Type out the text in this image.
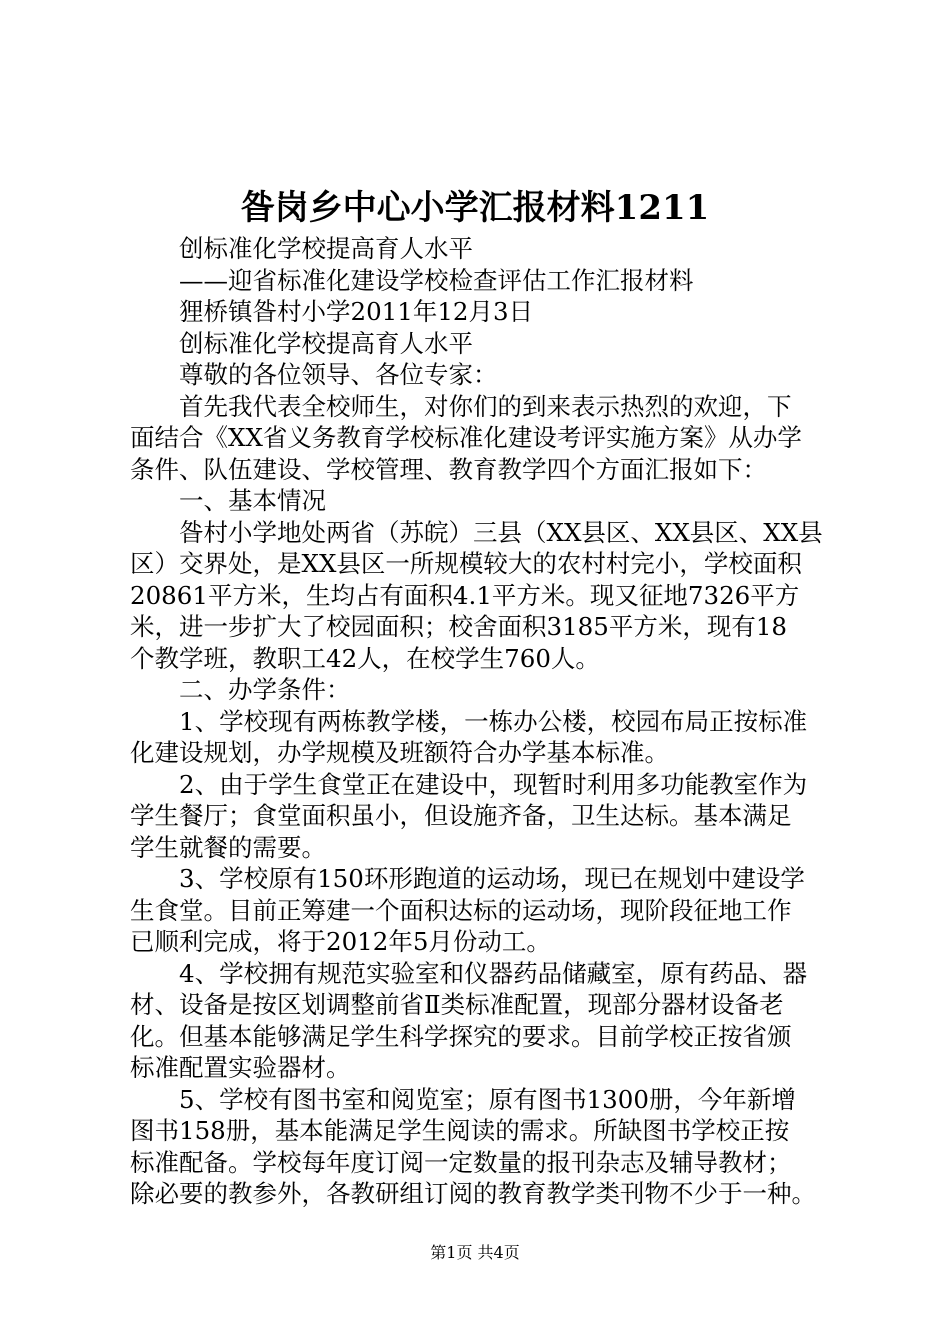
昝岗乡中心小学汇报材料1211
创标准化学校提高育人水平
——迎省标准化建设学校检查评估工作汇报材料
狸桥镇昝村小学2011年12月3日
创标准化学校提高育人水平
尊敬的各位领导、各位专家：
首先我代表全校师生，对你们的到来表示热烈的欢迎，下
面结合《XX省义务教育学校标准化建设考评实施方案》从办学
条件、队伍建设、学校管理、教育教学四个方面汇报如下：
一、基本情况
昝村小学地处两省（苏皖）三县（XX县区、XX县区、XX县
区）交界处，是XX县区一所规模较大的农村村完小，学校面积
20861平方米，生均占有面积4.1平方米。现又征地7326平方
米，进一步扩大了校园面积；校舍面积3185平方米，现有18
个教学班，教职工42人，在校学生760人。
二、办学条件：
1、学校现有两栋教学楼，一栋办公楼，校园布局正按标准
化建设规划，办学规模及班额符合办学基本标准。
2、由于学生食堂正在建设中，现暂时利用多功能教室作为
学生餐厅；食堂面积虽小，但设施齐备，卫生达标。基本满足
学生就餐的需要。
3、学校原有150环形跑道的运动场，现已在规划中建设学
生食堂。目前正筹建一个面积达标的运动场，现阶段征地工作
已顺利完成，将于2012年5月份动工。
4、学校拥有规范实验室和仪器药品储藏室，原有药品、器
材、设备是按区划调整前省Ⅱ类标准配置，现部分器材设备老
化。但基本能够满足学生科学探究的要求。目前学校正按省颁
标准配置实验器材。
5、学校有图书室和阅览室；原有图书1300册，今年新增
图书158册，基本能满足学生阅读的需求。所缺图书学校正按
标准配备。学校每年度订阅一定数量的报刊杂志及辅导教材；
除必要的教参外，各教研组订阅的教育教学类刊物不少于一种。
第1页 共4页
